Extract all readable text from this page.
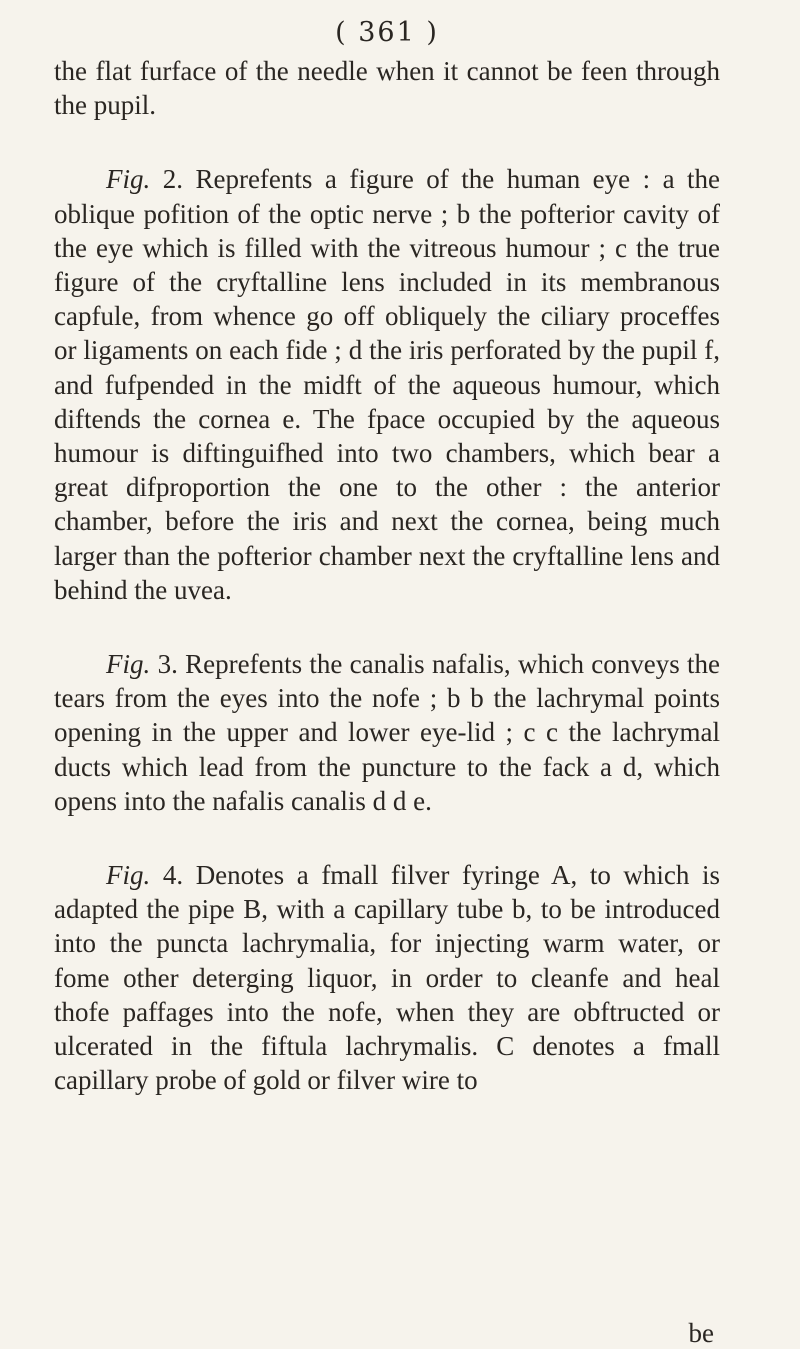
( 361 )

the flat furface of the needle when it cannot be feen through the pupil.

Fig. 2. Reprefents a figure of the human eye : a the oblique pofition of the optic nerve ; b the pofterior cavity of the eye which is filled with the vitreous humour ; c the true figure of the cryftalline lens included in its membranous capfule, from whence go off obliquely the ciliary proceffes or ligaments on each fide ; d the iris perforated by the pupil f, and fufpended in the midft of the aqueous humour, which diftends the cornea e. The fpace occupied by the aqueous humour is diftinguifhed into two chambers, which bear a great difproportion the one to the other : the anterior chamber, before the iris and next the cornea, being much larger than the pofterior chamber next the cryftalline lens and behind the uvea.

Fig. 3. Reprefents the canalis nafalis, which conveys the tears from the eyes into the nofe ; b b the lachrymal points opening in the upper and lower eye-lid ; c c the lachrymal ducts which lead from the puncture to the fack a d, which opens into the nafalis canalis d d e.

Fig. 4. Denotes a fmall filver fyringe A, to which is adapted the pipe B, with a capillary tube b, to be introduced into the puncta lachrymalia, for injecting warm water, or fome other deterging liquor, in order to cleanfe and heal thofe paffages into the nofe, when they are obftructed or ulcerated in the fiftula lachrymalis. C denotes a fmall capillary probe of gold or filver wire to

be
